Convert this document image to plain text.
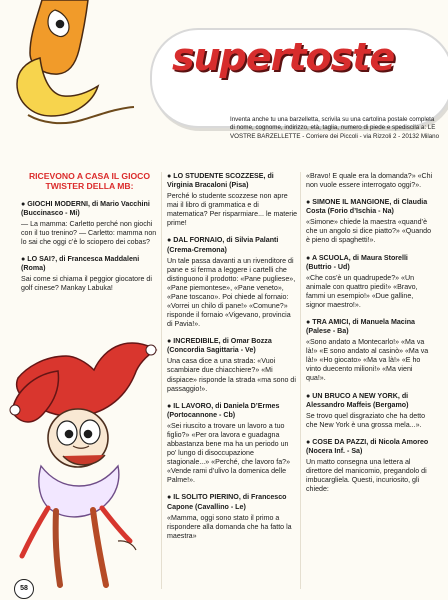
supertoste
Inventa anche tu una barzelletta, scrivila su una cartolina postale completa di nome, cognome, indirizzo, età, taglia, numero di piede e spediscila a: LE VOSTRE BARZELLETTE - Corriere dei Piccoli - via Rizzoli 2 - 20132 Milano
RICEVONO A CASA IL GIOCO TWISTER DELLA MB:
● GIOCHI MODERNI, di Mario Vacchini (Buccinasco - Mi)
— La mamma: Carletto perché non giochi con il tuo trenino? — Carletto: mamma non lo sai che oggi c’è lo sciopero dei cobas?
● LO SAI?, di Francesca Maddaleni (Roma)
Sai come si chiama il peggior giocatore di golf cinese? Mankay Labuka!
● LO STUDENTE SCOZZESE, di Virginia Bracaloni (Pisa)
Perché lo studente scozzese non apre mai il libro di grammatica e di matematica? Per risparmiare... le materie prime!
● DAL FORNAIO, di Silvia Palanti (Crema-Cremona)
Un tale passa davanti a un rivenditore di pane e si ferma a leggere i cartelli che distinguono il prodotto: «Pane pugliese», «Pane piemontese», «Pane veneto», «Pane toscano». Poi chiede al fornaio: «Vorrei un chilo di pane!» «Comune?» risponde il fornaio «Vigevano, provincia di Pavia!».
● INCREDIBILE, di Omar Bozza (Concordia Sagittaria - Ve)
Una casa dice a una strada: «Vuoi scambiare due chiacchiere?» «Mi dispiace» risponde la strada «ma sono di passaggio!».
● IL LAVORO, di Daniela D’Ermes (Portocannone - Cb)
«Sei riuscito a trovare un lavoro a tuo figlio?» «Per ora lavora e guadagna abbastanza bene ma ha un periodo un po’ lungo di disoccupazione stagionale...» «Perché, che lavoro fa?» «Vende rami d’ulivo la domenica delle Palme!».
● IL SOLITO PIERINO, di Francesco Capone (Cavallino - Le)
«Mamma, oggi sono stato il primo a rispondere alla domanda che ha fatto la maestra»
«Bravo! E quale era la domanda?» «Chi non vuole essere interrogato oggi?».
● SIMONE IL MANGIONE, di Claudia Costa (Forio d’Ischia - Na)
«Simone» chiede la maestra «quand’è che un angolo si dice piatto?» «Quando è pieno di spaghetti!».
● A SCUOLA, di Maura Storelli (Buttrio - Ud)
«Che cos’è un quadrupede?» «Un animale con quattro piedi!» «Bravo, fammi un esempio!» «Due galline, signor maestro!».
● TRA AMICI, di Manuela Macina (Palese - Ba)
«Sono andato a Montecarlo!» «Ma va là!» «E sono andato al casinò» «Ma va là!» «Ho giocato» «Ma va là!» «E ho vinto duecento milioni!» «Ma vieni qua!».
● UN BRUCO A NEW YORK, di Alessandro Maffeis (Bergamo)
Se trovo quel disgraziato che ha detto che New York è una grossa mela...».
● COSE DA PAZZI, di Nicola Amoreo (Nocera Inf. - Sa)
Un matto consegna una lettera al direttore del manicomio, pregandolo di imbucargliela. Questi, incuriosito, gli chiede:
58
